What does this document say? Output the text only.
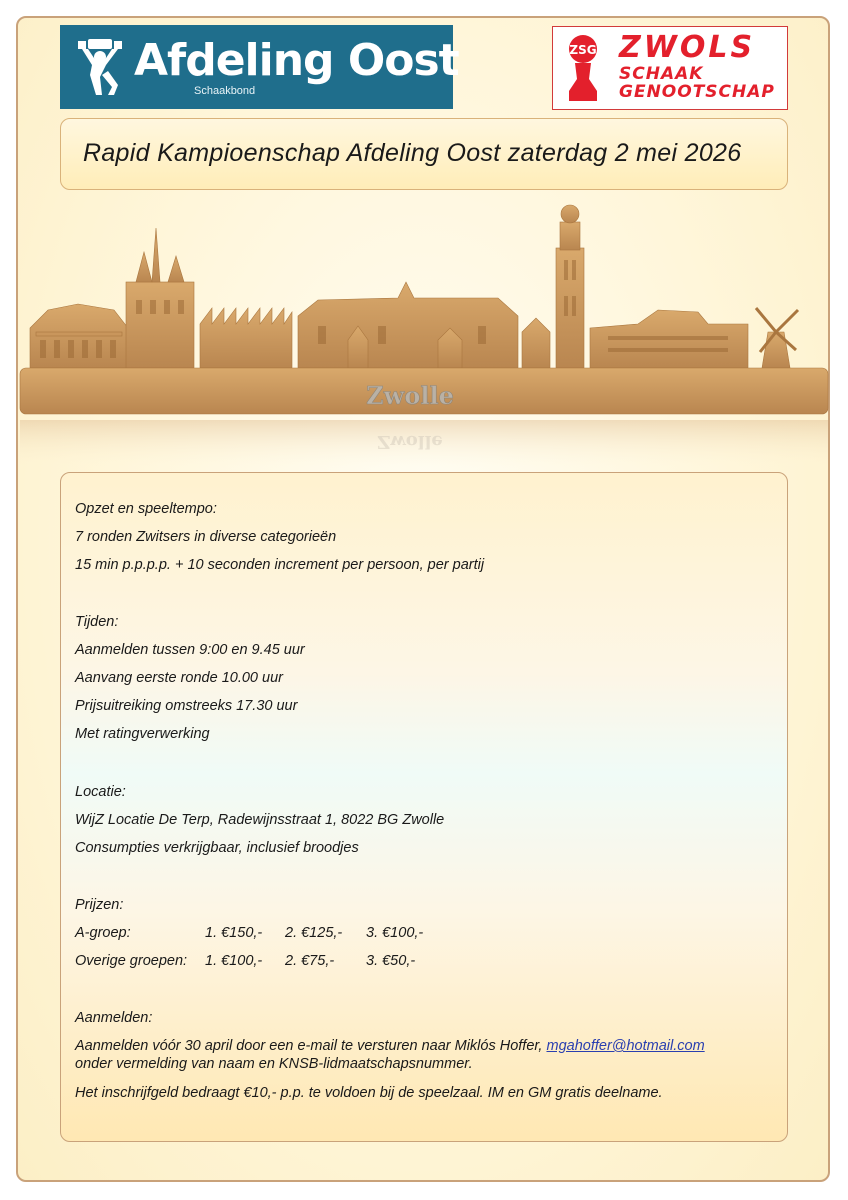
Afdeling Oost
Schaakbond
ZSG ZWOLS
SCHAAK
GENOOTSCHAP
Rapid Kampioenschap Afdeling Oost zaterdag 2 mei 2026
Zwolle
Zwolle
Opzet en speeltempo:
7 ronden Zwitsers in diverse categorieën
15 min p.p.p.p. + 10 seconden increment per persoon, per partij
Tijden:
Aanmelden tussen 9:00 en 9.45 uur
Aanvang eerste ronde 10.00 uur
Prijsuitreiking omstreeks 17.30 uur
Met ratingverwerking
Locatie:
WijZ Locatie De Terp, Radewijnsstraat 1, 8022 BG Zwolle
Consumpties verkrijgbaar, inclusief broodjes
Prijzen:
A-groep:	1. €150,- 2. €125,- 3. €100,-
Overige groepen: 1. €100,- 2. €75,- 3. €50,-
Aanmelden:
Aanmelden vóór 30 april door een e-mail te versturen naar Miklós Hoffer, mgahoffer@hotmail.com
onder vermelding van naam en KNSB-lidmaatschapsnummer.
Het inschrijfgeld bedraagt €10,- p.p. te voldoen bij de speelzaal. IM en GM gratis deelname.
